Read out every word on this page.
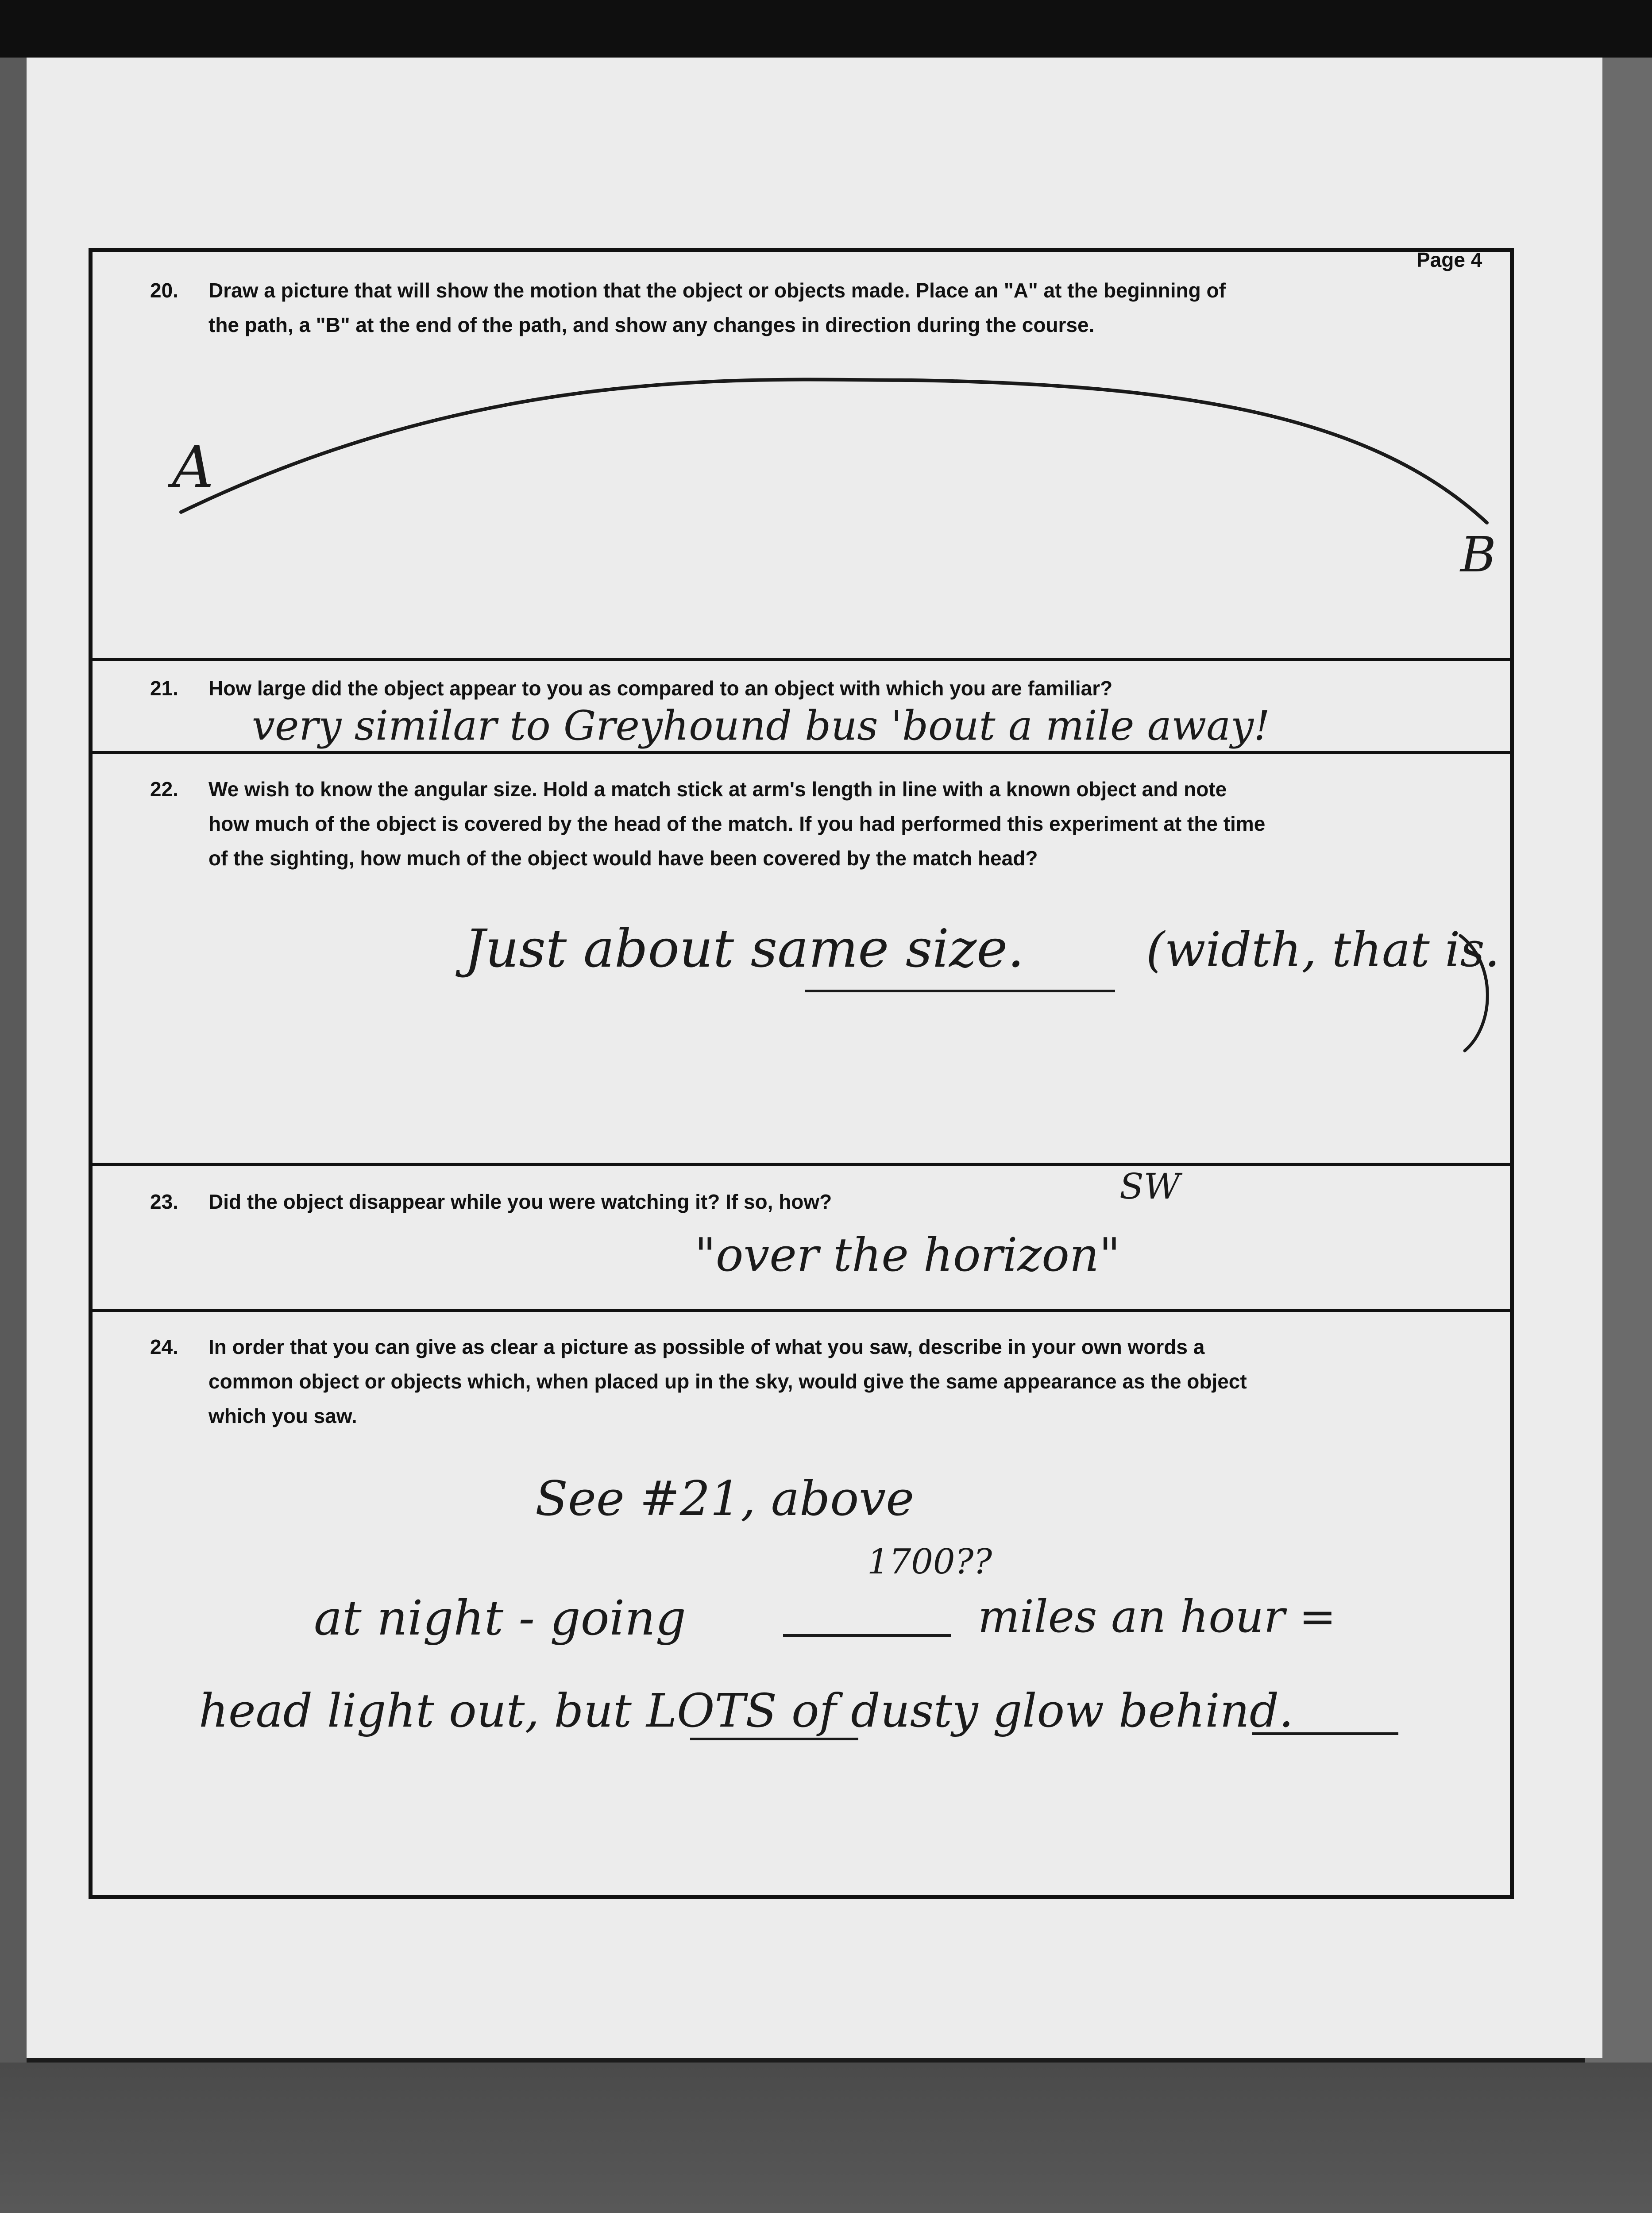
Page 4
20. Draw a picture that will show the motion that the object or objects made. Place an "A" at the beginning of
the path, a "B" at the end of the path, and show any changes in direction during the course.
A
B
21. How large did the object appear to you as compared to an object with which you are familiar?
very similar to Greyhound bus 'bout a mile away!
22. We wish to know the angular size. Hold a match stick at arm's length in line with a known object and note
how much of the object is covered by the head of the match. If you had performed this experiment at the time
of the sighting, how much of the object would have been covered by the match head?
Just about same size.	(width, that is.
23. Did the object disappear while you were watching it? If so, how?	SW
"over the horizon"
24. In order that you can give as clear a picture as possible of what you saw, describe in your own words a
common object or objects which, when placed up in the sky, would give the same appearance as the object
which you saw.
See #21, above
1700??
at night - going	miles an hour =
head light out, but LOTS of dusty glow behind.
